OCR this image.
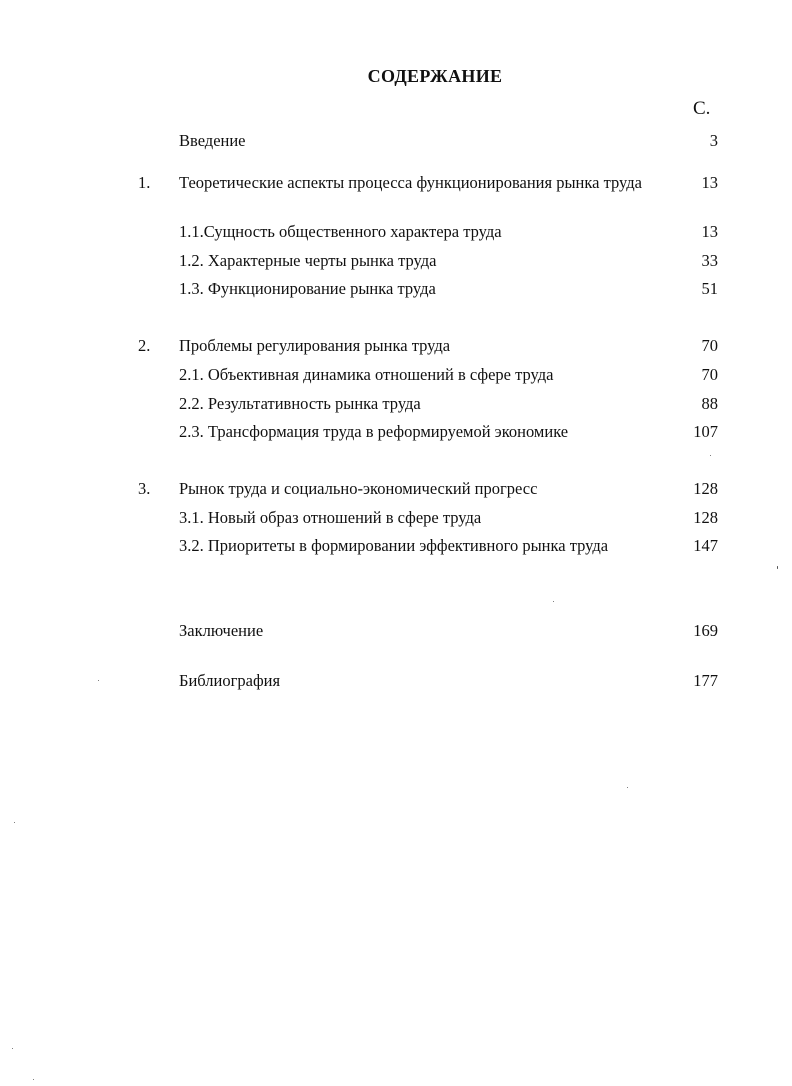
СОДЕРЖАНИЕ
С.
Введение	3
1. Теоретические аспекты процесса функционирования рынка труда	13
1.1.Сущность общественного характера труда	13
1.2. Характерные черты рынка труда	33
1.3. Функционирование рынка труда	51
2. Проблемы регулирования рынка труда	70
2.1. Объективная динамика отношений в сфере труда	70
2.2. Результативность рынка труда	88
2.3. Трансформация труда в реформируемой экономике	107
3. Рынок труда и социально-экономический прогресс	128
3.1. Новый образ отношений в сфере труда	128
3.2. Приоритеты в формировании эффективного рынка труда	147
Заключение	169
Библиография	177
